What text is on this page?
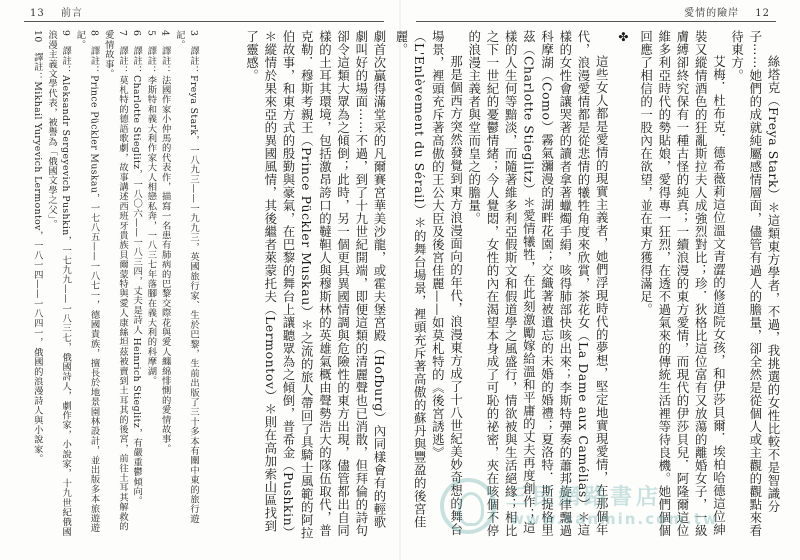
13 前言	愛情的險岸 12

絲塔克（Freya Stark）＊這類東方學者，不過，我挑選的女性比較不是智識分子⋯⋯她們的成就純屬感情層面，儘管有過人的膽量，卻全然是從個人或主觀的觀點來看待東方。

艾梅．杜布克．德希薇莉這位溫文青澀的修道院女孩，和伊莎貝爾．埃柏哈德這位紳裝又縱情酒色的狂亂斯拉夫人成強烈對比；珍．狄格比這位富有又放蕩的離婚女子，一級膚縛卻終究保有一種古怪的純真；一續浪漫的東方愛情，而現代的伊莎貝兒．阿隆爾這位維多利亞時代的勢貼娘，愛得專一狂烈，在透不過氣來的傳統生活裡等待良機。她們個個回應了相信的一股內在欲望，並在東方獲得滿足。

✤

這些女人都是愛情的現實主義者，她們浮現時代的夢想，堅定地實現愛情，在那個年代，浪漫愛情都是從悲情的犧牲角度來欣賞，茶花女（La Dame aux Camélias）＊這樣的女性會讓哭著的讀者拿著蠟燭手絹，咳得肺部快咳出來；李斯特彈奏的蕭邦旋律飄過科摩湖（Como）霧氣瀰漫的湖畔花園；交織著被遺忘的未婚的婚禮；夏洛特．斯提格里茲（Charlotte Stieglitz）＊愛情犧牲，在此刻激勵嫁給溫和平庸的丈夫再度創作；這樣的人生何等黯淡，而隨著維多利亞假斯文和假道學之風盛行，情欲被與生活絕緣；相比之下一世紀的憂鬱情緒；今人覺悶，女性的內在渴望本身成了可恥的祕密，夾在咳個不停的浪漫主義者與堂而皇之的膽量。

那是個西方突然發覺到東方浪漫面向的年代，浪漫東方成了十八世紀美妙奇想的舞台場景，裡頭充斥著高傲的王公大臣及後宮佳麗——如莫札特的《後宮誘逃》（L'Enlèvement du Sérail）＊的舞台場景，裡頭充斥著高傲的蘇丹與豐盈的後宮佳麗。

劇首次贏得滿堂采的凡爾賽宮華美沙龍，或霍夫堡宮殿（Hofburg）內同樣會有的輕歌劇叫好的場面⋯⋯不過，到了十九世紀開端，即便這類的清麗聲也已消散，但拜倫的詩句卻令這類大眾為之傾倒；此時，另一個更具異國情調與危險性的東方出現，儘管都出自同樣的土耳其環境，包括激昂誇口的韃靼人與穆斯林的英雄氣概由聲勢浩大的隊伍取代，普克勒．穆斯考親王（Prince Pückler Muskau）＊之流的旅人帶回了具騎士風範的阿拉伯故事，和東方式的殷勤與豪氣，在巴黎的舞台上讓聽眾為之傾倒，普希金（Pushkin）＊縱情於果來亞的異國風情，其後繼者萊蒙托夫（Lermontov）＊則在高加索山區找到了靈感。

3　譯註：Freya Stark，一八九三——一九九三，英國旅行家、生於巴黎，生前出版了三十多本有關中東的旅行遊記。

4　譯註：法國作家小仲馬的代表作，描寫一名患有肺病的巴黎交際花與愛人纏綿悱惻的愛情故事。

5　譯註：李斯特和義大利作家大人相戀私奔，一八三七年落腳在義大利的科摩湖。

6　譯註：Charlotte Stieglitz，一八〇六——一八三四，丈夫是詩人 Heinrich Stieglitz，有嚴重鬱傾向。

7　譯註：莫札特的德語歌劇，故事講述西班牙貴族貝爾蒙特與愛人康絲坦茲被賣到土耳其的後宮，前往土耳其解救的愛情故事。

8　譯註：Prince Pückler Muskau，一七八五——一八七一，德國貴族，擅長於地景園林設計，並出版多本旅遊遊記。

9　譯註：Aleksandr Sergeyevich Pushkin，一七九九——一八三七，俄國詩人，劇作家，小說家，十九世紀俄國浪漫主義文學代表，被譽為「俄國文學之父」。

10　譯註：Mikhail Yuryevich Lermontov，一八一四——一八四一，俄國的浪漫詩人與小說家。

三民網路書店
www.sanmin.com.tw
